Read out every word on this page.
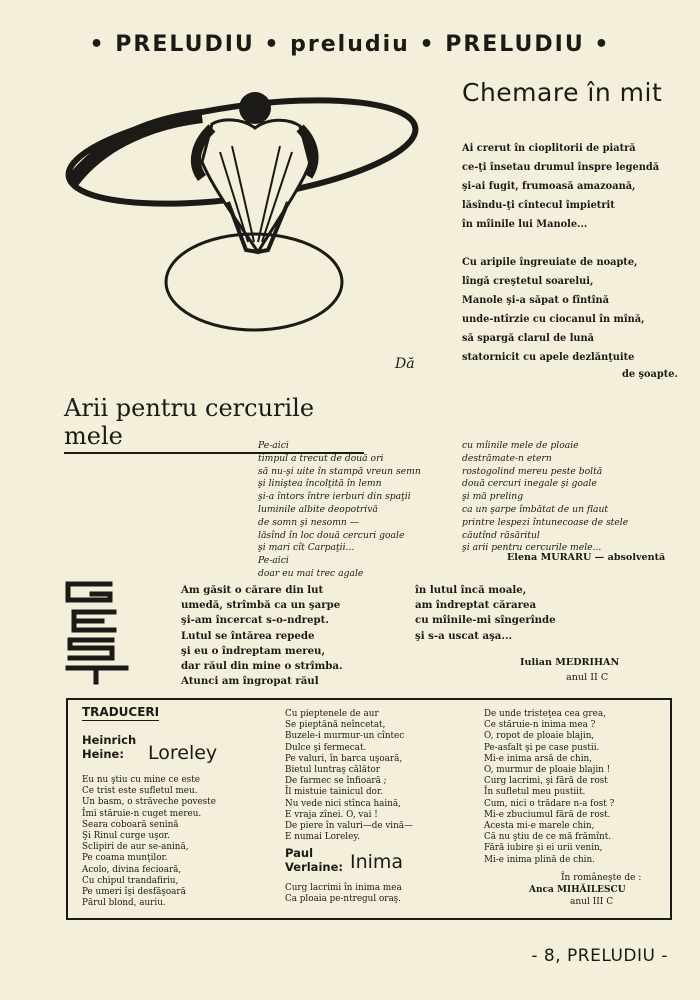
• PRELUDIU • preludiu • PRELUDIU •
Dă
Chemare în mit
Ai crerut în cioplitorii de piatră
ce-ţi însetau drumul înspre legendă
şi-ai fugit, frumoasă amazoană,
lăsîndu-ţi cîntecul împietrit
în mîinile lui Manole...
Cu aripile îngreuiate de noapte,
lîngă creştetul soarelui,
Manole şi-a săpat o fîntînă
unde-ntîrzie cu ciocanul în mînă,
să spargă clarul de lună
statornicit cu apele dezlănţuite
de şoapte.
Arii pentru cercurile mele	Pe-aici
timpul a trecut de două ori
să nu-şi uite în stampă vreun semn
şi liniştea încolţită în lemn
şi-a întors între ierburi din spaţii
luminile albite deopotrivă
de somn şi nesomn —
lăsînd în loc două cercuri goale
şi mari cît Carpaţii...
Pe-aici
doar eu mai trec agale
cu mîinile mele de ploaie
destrămate-n etern
rostogolind mereu peste boltă
două cercuri inegale şi goale
şi mă preling
ca un şarpe îmbătat de un flaut
printre lespezi întunecoase de stele
căutînd răsăritul
şi arii pentru cercurile mele...
Elena MURARU — absolventă
Am găsit o cărare din lut
umedă, strîmbă ca un şarpe
şi-am încercat s-o-ndrept.
Lutul se întărea repede
şi eu o îndreptam mereu,
dar răul din mine o strîmba.
Atunci am îngropat răul
în lutul încă moale,
am îndreptat cărarea
cu mîinile-mi sîngerînde
şi s-a uscat aşa...
Iulian MEDRIHAN
anul II C
TRADUCERI
Heinrich
Heine:	Loreley
Eu nu ştiu cu mine ce este
Ce trist este sufletul meu.
Un basm, o străveche poveste
Îmi stăruie-n cuget mereu.
Seara coboară senină
Şi Rinul curge uşor.
Sclipiri de aur se-anină,
Pe coama munţilor.
Acolo, divina fecioară,
Cu chipul trandafiriu,
Pe umeri îşi desfăşoară
Părul blond, auriu.
Cu pieptenele de aur
Se pieptănă neîncetat,
Buzele-i murmur-un cîntec
Dulce şi fermecat.
Pe valuri, în barca uşoară,
Bietul luntraş călător
De farmec se înfioară ;
Îl mistuie tainicul dor.
Nu vede nici stînca haină,
E vraja zînei. O, vai !
De piere în valuri—de vină—
E numai Loreley.
Paul
Verlaine: Inima
Curg lacrimi în inima mea
Ca ploaia pe-ntregul oraş.
De unde tristeţea cea grea,
Ce stăruie-n inima mea ?
O, ropot de ploaie blajin,
Pe-asfalt şi pe case pustii.
Mi-e inima arsă de chin,
O, murmur de ploaie blajin !
Curg lacrimi, şi fără de rost
În sufletul meu pustiit.
Cum, nici o trădare n-a fost ?
Mi-e zbuciumul fără de rost.
Acesta mi-e marele chin,
Că nu ştiu de ce mă frămînt.
Fără iubire şi ei urii venin,
Mi-e inima plină de chin.
În româneşte de :
Anca MIHĂILESCU
anul III C
- 8, PRELUDIU -
